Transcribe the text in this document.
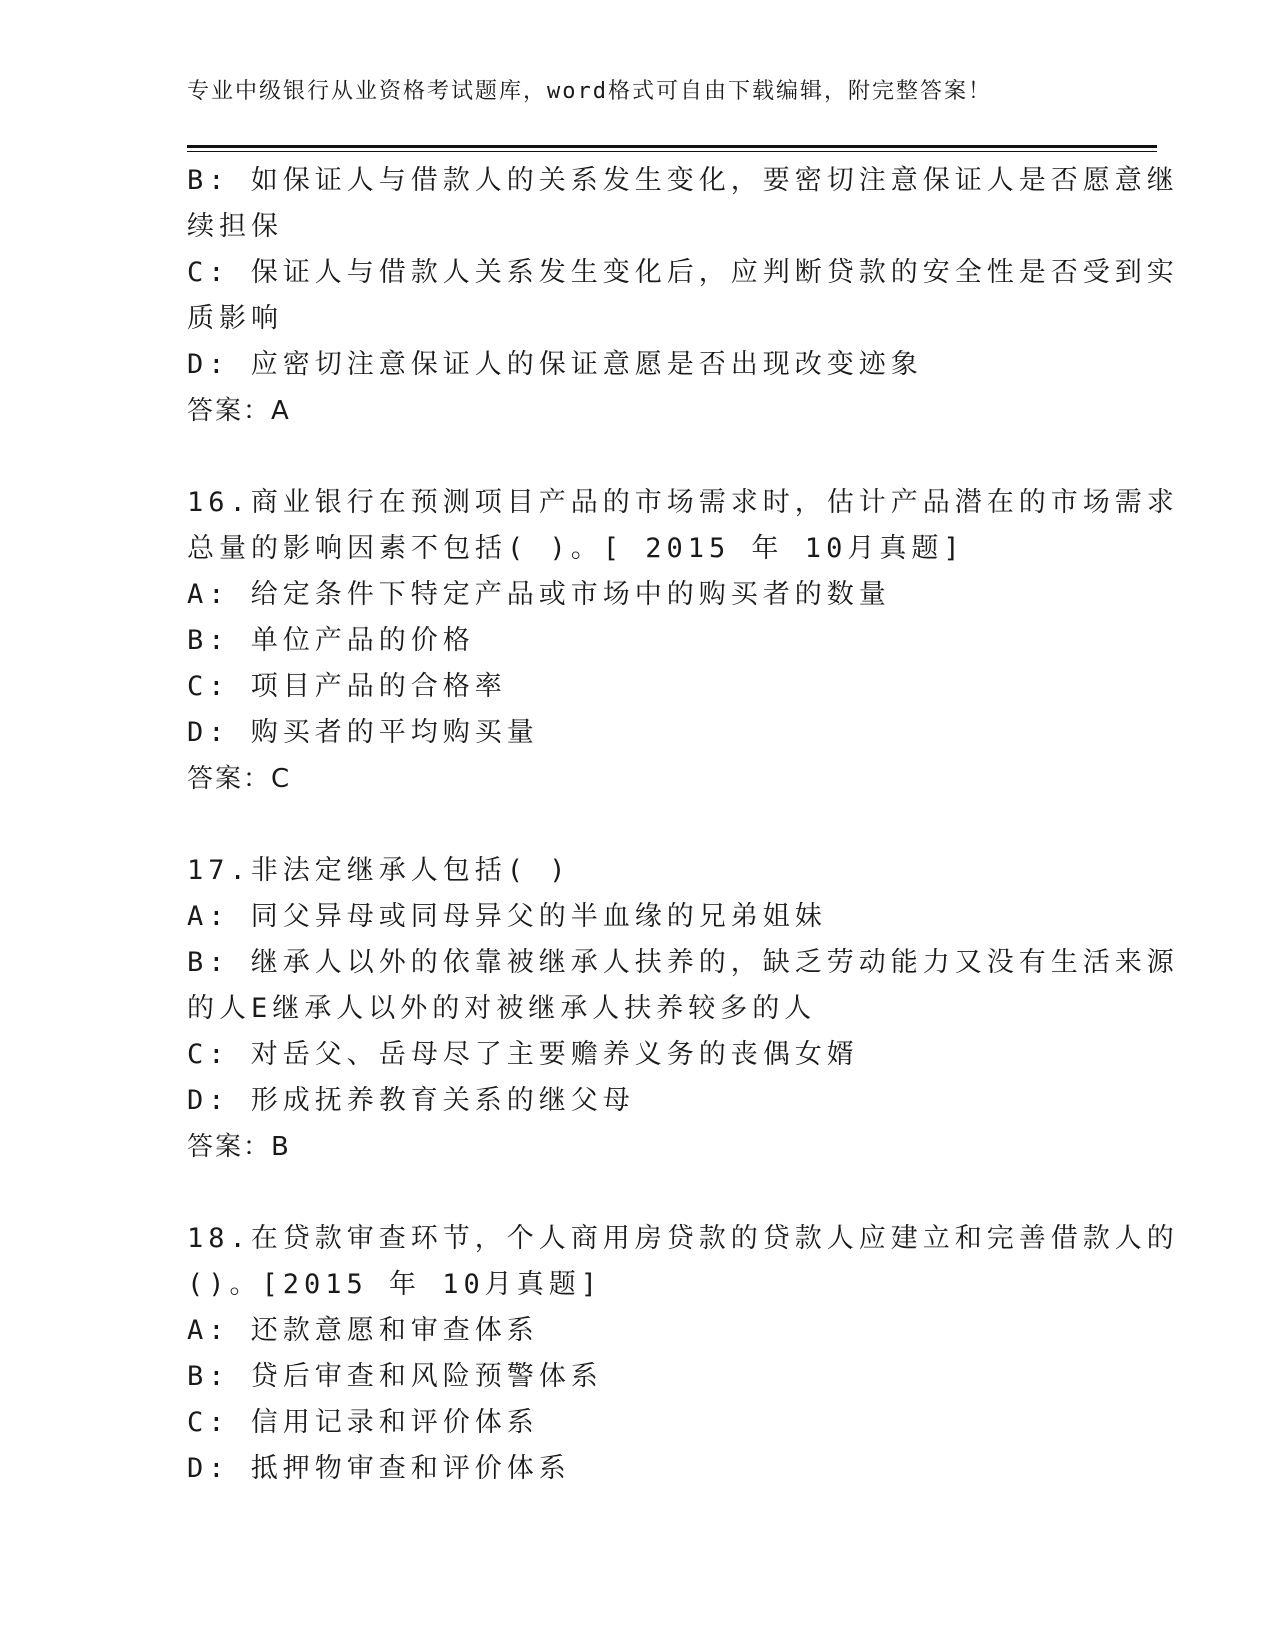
专业中级银行从业资格考试题库，word格式可自由下载编辑，附完整答案！
B: 如保证人与借款人的关系发生变化，要密切注意保证人是否愿意继
续担保
C: 保证人与借款人关系发生变化后，应判断贷款的安全性是否受到实
质影响
D: 应密切注意保证人的保证意愿是否出现改变迹象
答案：A
16.商业银行在预测项目产品的市场需求时，估计产品潜在的市场需求
总量的影响因素不包括( )。[ 2015 年 10月真题]
A: 给定条件下特定产品或市场中的购买者的数量
B: 单位产品的价格
C: 项目产品的合格率
D: 购买者的平均购买量
答案：C
17.非法定继承人包括( )
A: 同父异母或同母异父的半血缘的兄弟姐妹
B: 继承人以外的依靠被继承人扶养的，缺乏劳动能力又没有生活来源
的人E继承人以外的对被继承人扶养较多的人
C: 对岳父、岳母尽了主要赡养义务的丧偶女婿
D: 形成抚养教育关系的继父母
答案：B
18.在贷款审查环节，个人商用房贷款的贷款人应建立和完善借款人的
()。[2015 年 10月真题]
A: 还款意愿和审查体系
B: 贷后审查和风险预警体系
C: 信用记录和评价体系
D: 抵押物审查和评价体系
